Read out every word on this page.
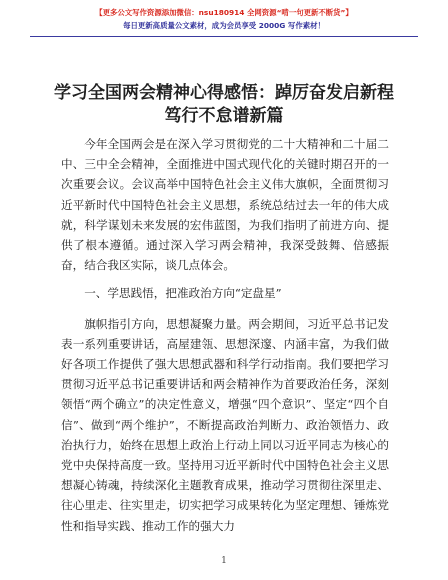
【更多公文写作资源添加微信：nsu180914 全网资源“啃一句更新不断货”】
每日更新高质量公文素材，成为会员享受 2000G 写作素材！
学习全国两会精神心得感悟：踔厉奋发启新程
笃行不怠谱新篇

今年全国两会是在深入学习贯彻党的二十大精神和二十届二中、三中全会精神，全面推进中国式现代化的关键时期召开的一次重要会议。会议高举中国特色社会主义伟大旗帜，全面贯彻习近平新时代中国特色社会主义思想，系统总结过去一年的伟大成就，科学谋划未来发展的宏伟蓝图，为我们指明了前进方向、提供了根本遵循。通过深入学习两会精神，我深受鼓舞、倍感振奋，结合我区实际，谈几点体会。

一、学思践悟，把准政治方向“定盘星”

旗帜指引方向，思想凝聚力量。两会期间，习近平总书记发表一系列重要讲话，高屋建瓴、思想深邃、内涵丰富，为我们做好各项工作提供了强大思想武器和科学行动指南。我们要把学习贯彻习近平总书记重要讲话和两会精神作为首要政治任务，深刻领悟“两个确立”的决定性意义，增强“四个意识”、坚定“四个自信”、做到“两个维护”，不断提高政治判断力、政治领悟力、政治执行力，始终在思想上政治上行动上同以习近平同志为核心的党中央保持高度一致。坚持用习近平新时代中国特色社会主义思想凝心铸魂，持续深化主题教育成果，推动学习贯彻往深里走、往心里走、往实里走，切实把学习成果转化为坚定理想、锤炼党性和指导实践、推动工作的强大力

1
